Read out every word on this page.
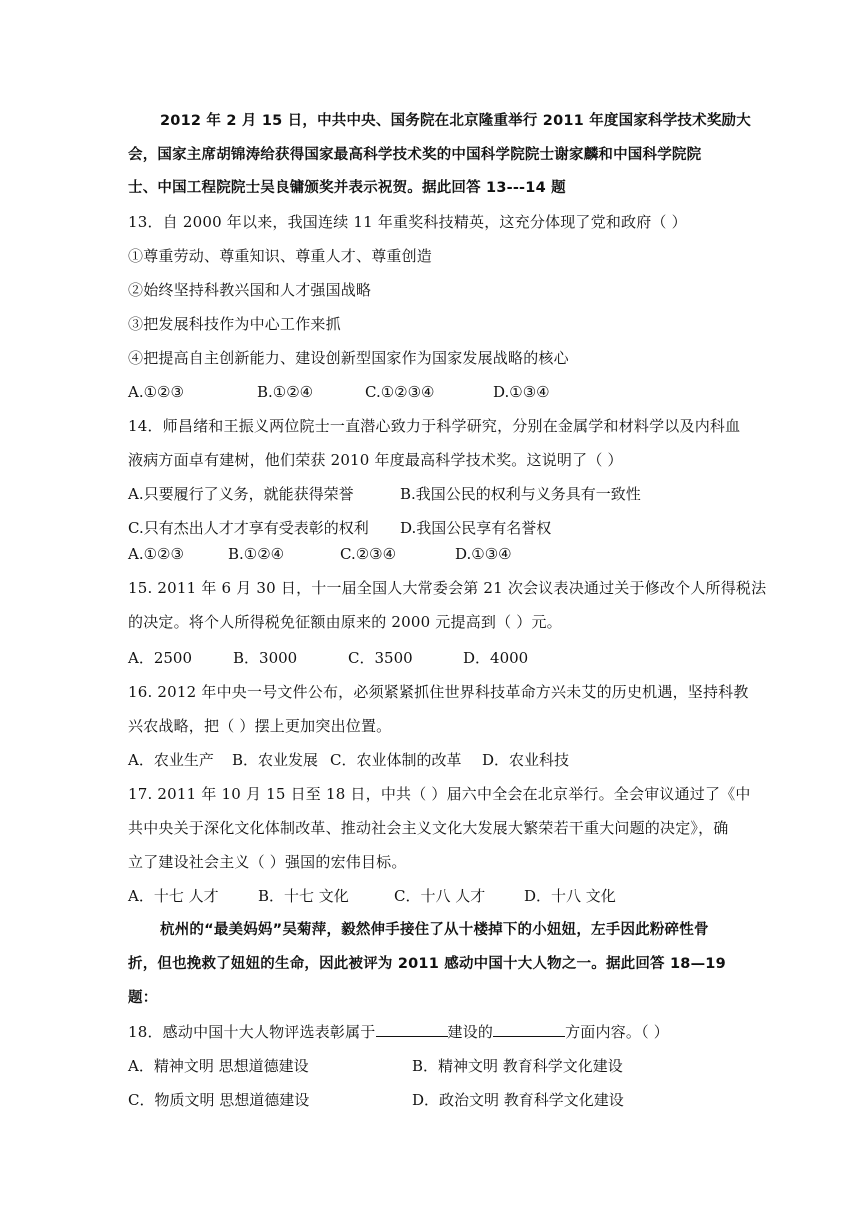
2012 年 2 月 15 日，中共中央、国务院在北京隆重举行 2011 年度国家科学技术奖励大
会，国家主席胡锦涛给获得国家最高科学技术奖的中国科学院院士谢家麟和中国科学院院
士、中国工程院院士吴良镛颁奖并表示祝贺。据此回答 13---14 题
13．自 2000 年以来，我国连续 11 年重奖科技精英，这充分体现了党和政府（ ）
①尊重劳动、尊重知识、尊重人才、尊重创造
②始终坚持科教兴国和人才强国战略
③把发展科技作为中心工作来抓
④把提高自主创新能力、建设创新型国家作为国家发展战略的核心
A.①②③	B.①②④	C.①②③④	D.①③④
14．师昌绪和王振义两位院士一直潜心致力于科学研究，分别在金属学和材料学以及内科血
液病方面卓有建树，他们荣获 2010 年度最高科学技术奖。这说明了（ ）
A.只要履行了义务，就能获得荣誉	B.我国公民的权利与义务具有一致性
C.只有杰出人才才享有受表彰的权利 D.我国公民享有名誉权
A.①②③	B.①②④	C.②③④	D.①③④
15. 2011 年 6 月 30 日，十一届全国人大常委会第 21 次会议表决通过关于修改个人所得税法
的决定。将个人所得税免征额由原来的 2000 元提高到（ ）元。
A．2500	B．3000	C．3500	D．4000
16. 2012 年中央一号文件公布，必须紧紧抓住世界科技革命方兴未艾的历史机遇，坚持科教
兴农战略，把（ ）摆上更加突出位置。
A．农业生产 B．农业发展 C．农业体制的改革 D．农业科技
17. 2011 年 10 月 15 日至 18 日，中共（ ）届六中全会在北京举行。全会审议通过了《中
共中央关于深化文化体制改革、推动社会主义文化大发展大繁荣若干重大问题的决定》，确
立了建设社会主义（ ）强国的宏伟目标。
A．十七 人才	B．十七 文化	C．十八 人才	D．十八 文化
杭州的“最美妈妈”吴菊萍，毅然伸手接住了从十楼掉下的小妞妞，左手因此粉碎性骨
折，但也挽救了妞妞的生命，因此被评为 2011 感动中国十大人物之一。据此回答 18—19
题：
18．感动中国十大人物评选表彰属于	建设的	方面内容。（ ）
A．精神文明 思想道德建设	B．精神文明 教育科学文化建设
C．物质文明 思想道德建设	D．政治文明 教育科学文化建设
